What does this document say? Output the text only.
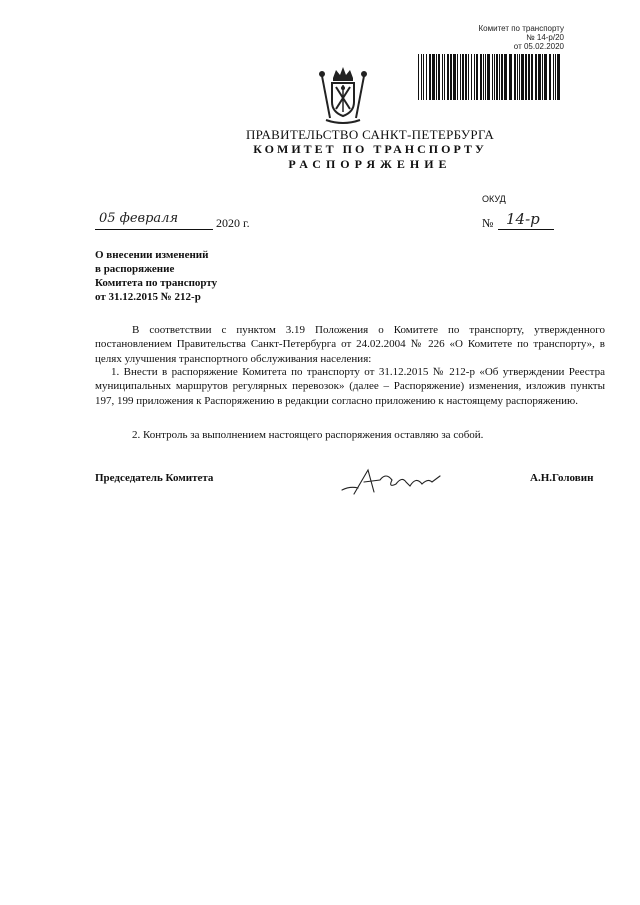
Комитет по транспорту
№ 14-р/20
от 05.02.2020
ПРАВИТЕЛЬСТВО САНКТ-ПЕТЕРБУРГА
КОМИТЕТ ПО ТРАНСПОРТУ
РАСПОРЯЖЕНИЕ
ОКУД
05 февраля	2020 г.	№ 14-р
О внесении изменений
в распоряжение
Комитета по транспорту
от 31.12.2015 № 212-р
В соответствии с пунктом 3.19 Положения о Комитете по транспорту, утвержденного постановлением Правительства Санкт-Петербурга от 24.02.2004 № 226 «О Комитете по транспорту», в целях улучшения транспортного обслуживания населения:
1. Внести в распоряжение Комитета по транспорту от 31.12.2015 № 212-р «Об утверждении Реестра муниципальных маршрутов регулярных перевозок» (далее – Распоряжение) изменения, изложив пункты 197, 199 приложения к Распоряжению в редакции согласно приложению к настоящему распоряжению.
2. Контроль за выполнением настоящего распоряжения оставляю за собой.
Председатель Комитета	А.Н.Головин
